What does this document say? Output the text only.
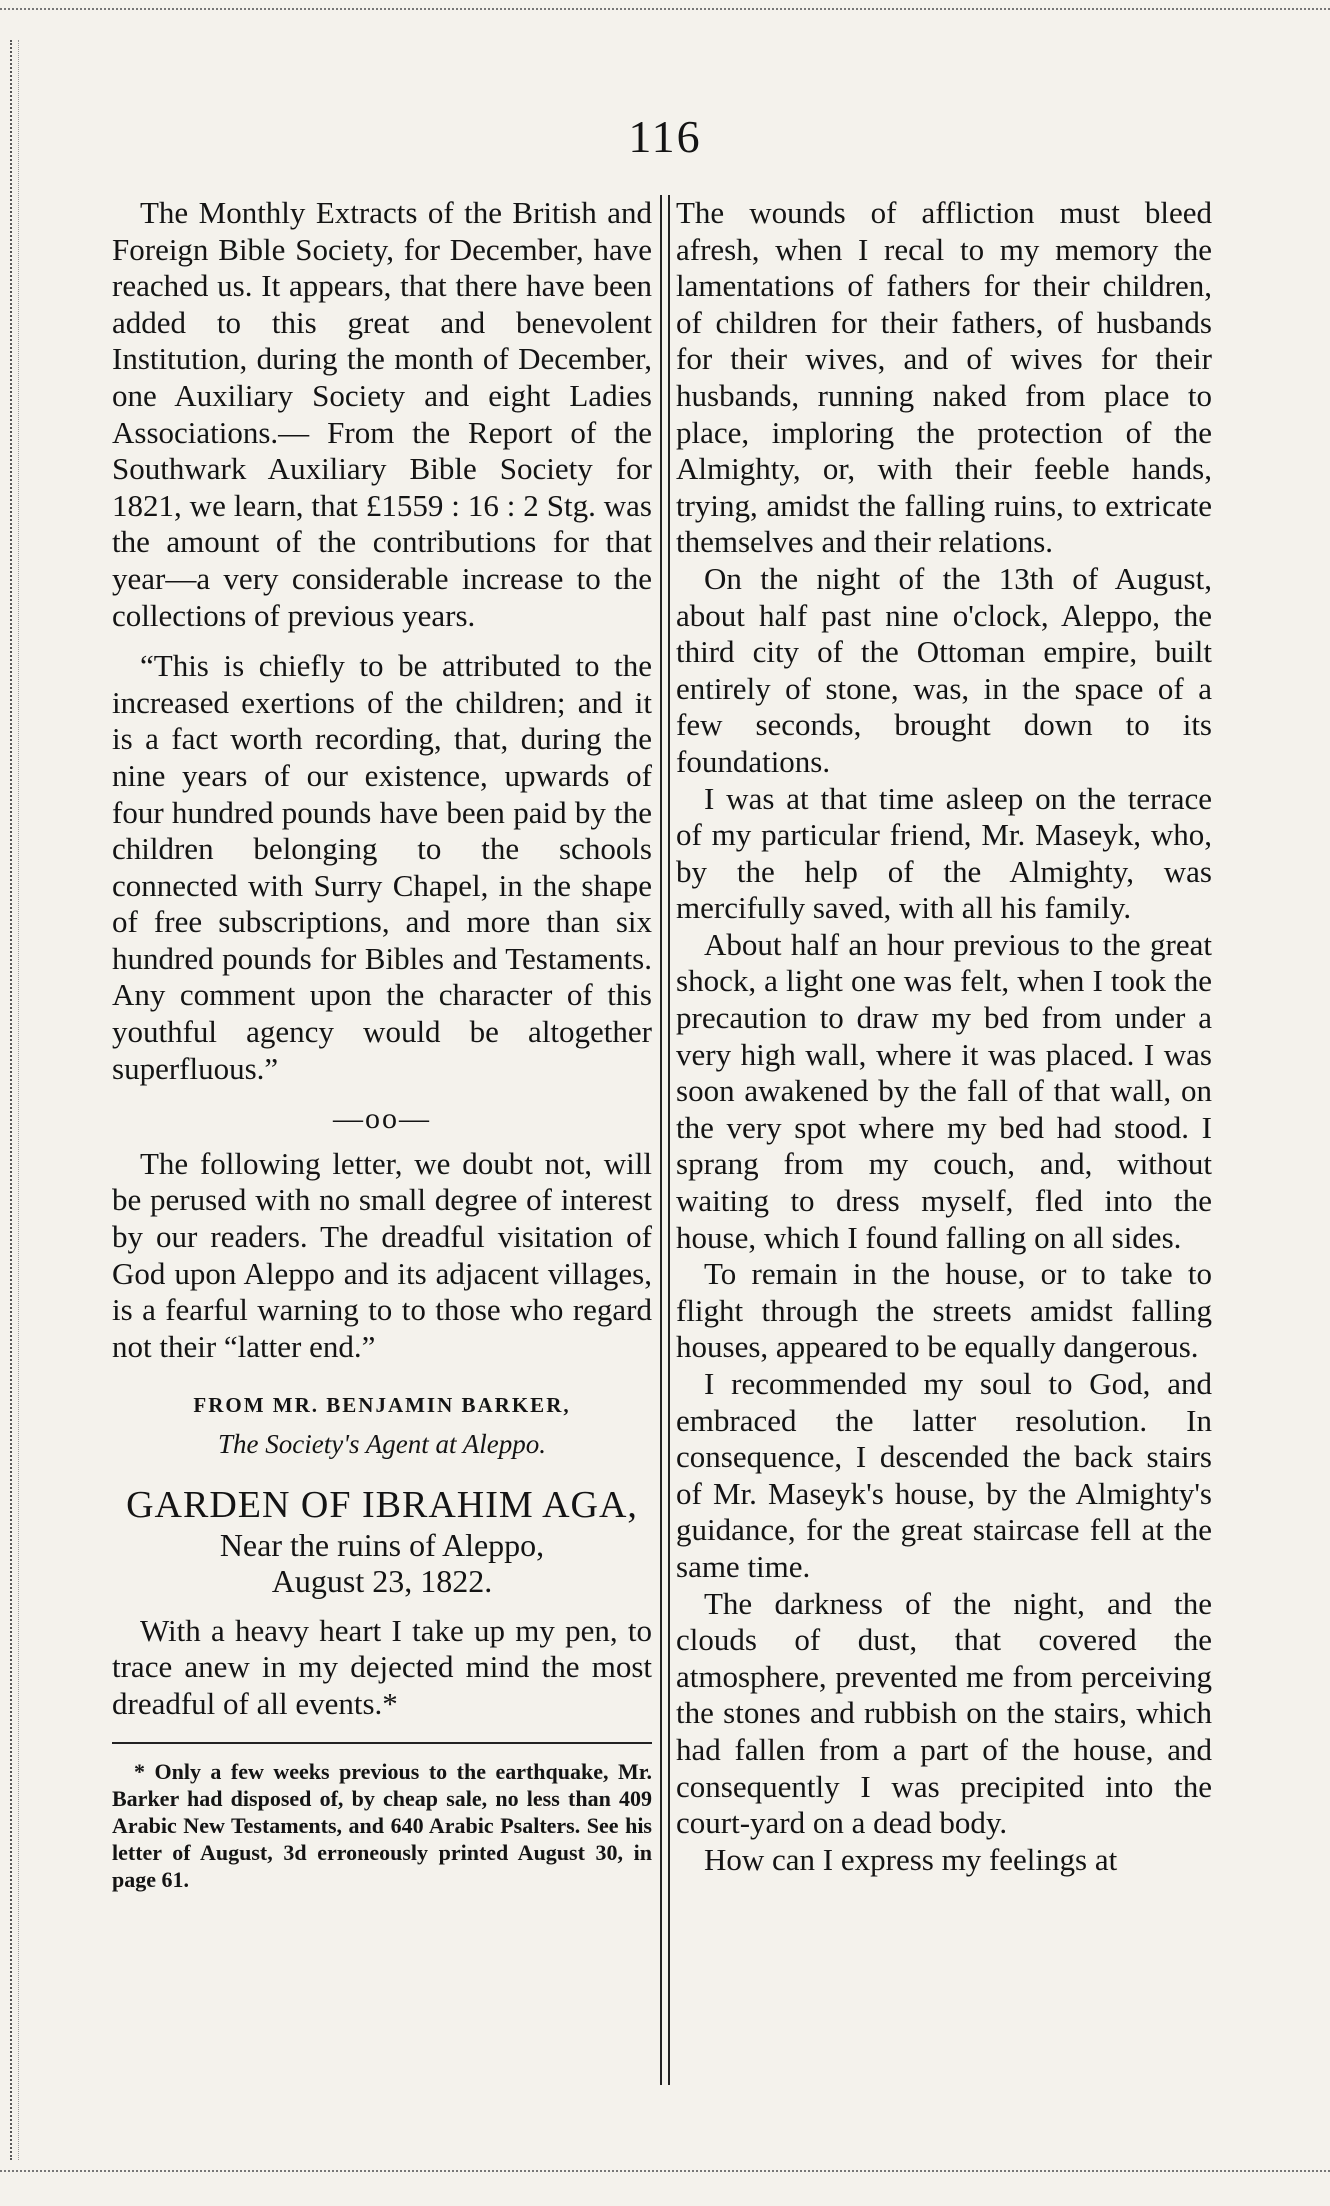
116

The Monthly Extracts of the British and Foreign Bible Society, for December, have reached us. It appears, that there have been added to this great and benevolent Institution, during the month of December, one Auxiliary Society and eight Ladies Associations.— From the Report of the Southwark Auxiliary Bible Society for 1821, we learn, that £1559 : 16 : 2 Stg. was the amount of the contributions for that year—a very considerable increase to the collections of previous years.

“This is chiefly to be attributed to the increased exertions of the children; and it is a fact worth recording, that, during the nine years of our existence, upwards of four hundred pounds have been paid by the children belonging to the schools connected with Surry Chapel, in the shape of free subscriptions, and more than six hundred pounds for Bibles and Testaments. Any comment upon the character of this youthful agency would be altogether superfluous.”

—oo—

The following letter, we doubt not, will be perused with no small degree of interest by our readers. The dreadful visitation of God upon Aleppo and its adjacent villages, is a fearful warning to to those who regard not their “latter end.”

FROM MR. BENJAMIN BARKER,
The Society's Agent at Aleppo.
GARDEN OF IBRAHIM AGA,
Near the ruins of Aleppo,
August 23, 1822.

With a heavy heart I take up my pen, to trace anew in my dejected mind the most dreadful of all events.*

* Only a few weeks previous to the earthquake, Mr. Barker had disposed of, by cheap sale, no less than 409 Arabic New Testaments, and 640 Arabic Psalters. See his letter of August, 3d erroneously printed August 30, in page 61.

The wounds of affliction must bleed afresh, when I recal to my memory the lamentations of fathers for their children, of children for their fathers, of husbands for their wives, and of wives for their husbands, running naked from place to place, imploring the protection of the Almighty, or, with their feeble hands, trying, amidst the falling ruins, to extricate themselves and their relations.

On the night of the 13th of August, about half past nine o'clock, Aleppo, the third city of the Ottoman empire, built entirely of stone, was, in the space of a few seconds, brought down to its foundations.

I was at that time asleep on the terrace of my particular friend, Mr. Maseyk, who, by the help of the Almighty, was mercifully saved, with all his family.

About half an hour previous to the great shock, a light one was felt, when I took the precaution to draw my bed from under a very high wall, where it was placed. I was soon awakened by the fall of that wall, on the very spot where my bed had stood. I sprang from my couch, and, without waiting to dress myself, fled into the house, which I found falling on all sides.

To remain in the house, or to take to flight through the streets amidst falling houses, appeared to be equally dangerous.

I recommended my soul to God, and embraced the latter resolution. In consequence, I descended the back stairs of Mr. Maseyk's house, by the Almighty's guidance, for the great staircase fell at the same time.

The darkness of the night, and the clouds of dust, that covered the atmosphere, prevented me from perceiving the stones and rubbish on the stairs, which had fallen from a part of the house, and consequently I was precipited into the court-yard on a dead body.

How can I express my feelings at
